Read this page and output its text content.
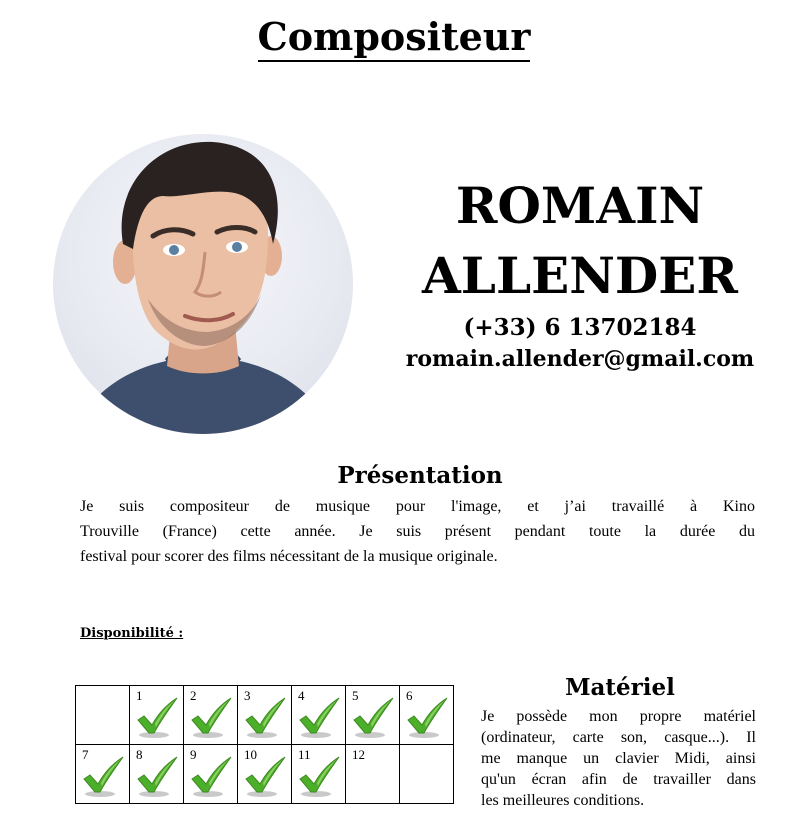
Compositeur
ROMAIN
ALLENDER
(+33) 6 13702184
romain.allender@gmail.com
Présentation
Je suis compositeur de musique pour l'image, et j’ai travaillé à Kino
Trouville (France) cette année. Je suis présent pendant toute la durée du
festival pour scorer des films nécessitant de la musique originale.
Disponibilité :

	1	2	3	4	5	6

7	8	9	10	11	12	

Matériel
Je possède mon propre matériel
(ordinateur, carte son, casque...). Il
me manque un clavier Midi, ainsi
qu'un écran afin de travailler dans
les meilleures conditions.
